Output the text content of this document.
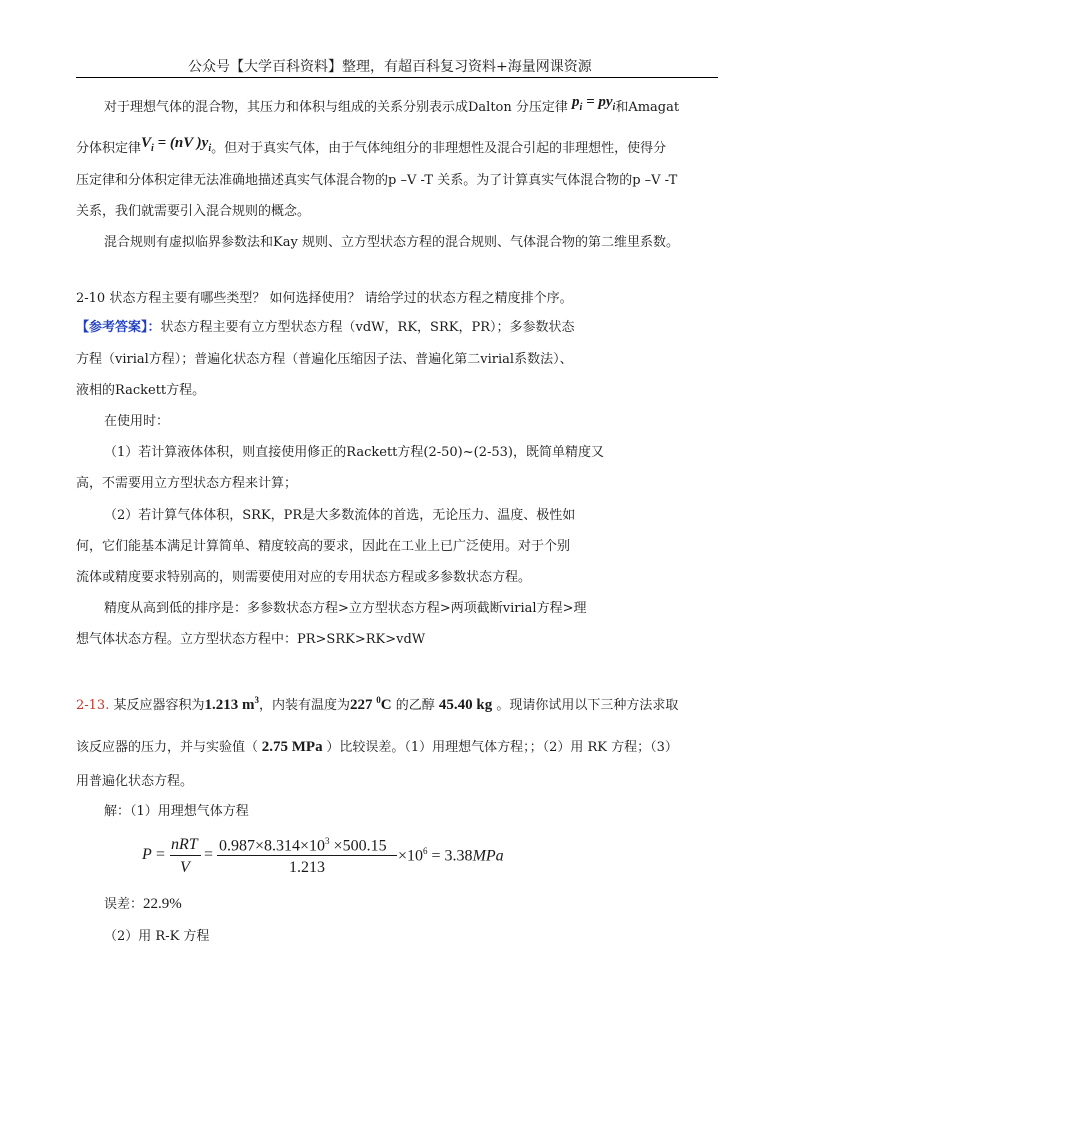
公众号【大学百科资料】整理，有超百科复习资料+海量网课资源
对于理想气体的混合物，其压力和体积与组成的关系分别表示成Dalton 分压定律 $p_i = py_i$和Amagat
分体积定律$V_i = (nV$ )$y_i$。但对于真实气体，由于气体纯组分的非理想性及混合引起的非理想性，使得分
压定律和分体积定律无法准确地描述真实气体混合物的p –V -T 关系。为了计算真实气体混合物的p –V -T
关系，我们就需要引入混合规则的概念。
混合规则有虚拟临界参数法和Kay 规则、立方型状态方程的混合规则、气体混合物的第二维里系数。
2-10 状态方程主要有哪些类型？ 如何选择使用？ 请给学过的状态方程之精度排个序。
【参考答案】：状态方程主要有立方型状态方程（vdW，RK，SRK，PR）；多参数状态
方程（virial方程）；普遍化状态方程（普遍化压缩因子法、普遍化第二virial系数法）、
液相的Rackett方程。
在使用时：
（1）若计算液体体积，则直接使用修正的Rackett方程(2-50)~(2-53)，既简单精度又
高，不需要用立方型状态方程来计算；
（2）若计算气体体积，SRK，PR是大多数流体的首选，无论压力、温度、极性如
何，它们能基本满足计算简单、精度较高的要求，因此在工业上已广泛使用。对于个别
流体或精度要求特别高的，则需要使用对应的专用状态方程或多参数状态方程。
精度从高到低的排序是：多参数状态方程>立方型状态方程>两项截断virial方程>理
想气体状态方程。立方型状态方程中：PR>SRK>RK>vdW
2-13. 某反应器容积为1.213 $m^3$，内装有温度为227 $^0$C 的乙醇 45.40 kg 。现请你试用以下三种方法求取
该反应器的压力，并与实验值（ 2.75 MPa ）比较误差。（1）用理想气体方程；；（2）用 RK 方程；（3）
用普遍化状态方程。
解：（1）用理想气体方程
P =
nRT
V
=
$0.987\times 8.314\times 10^3 \times 500.15$
1.213
$\times 10^6 = 3.38MPa$
误差：22.9%
（2）用 R-K 方程
